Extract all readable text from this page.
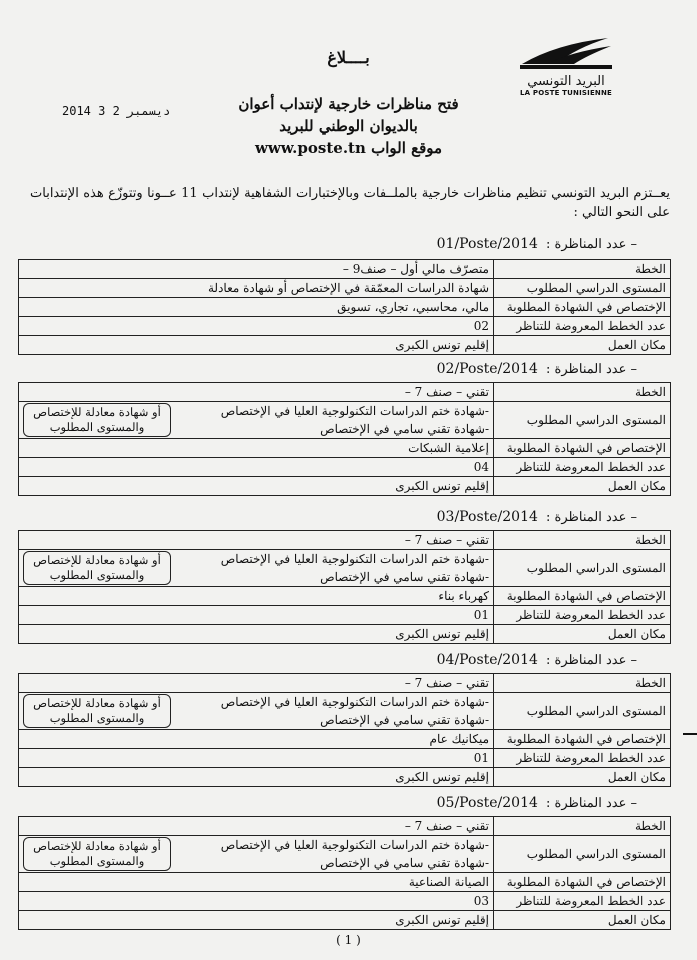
البريد التونسي
LA POSTE TUNISIENNE
بــــلاغ
فتح مناظرات خارجية لإنتداب أعوان
بالديوان الوطني للبريد
موقع الواب www.poste.tn
2014 ديسمبر 2 3
يعــتزم البريد التونسي تنظيم مناظرات خارجية بالملــفات وبالإختبارات الشفاهية لإنتداب 11 عــونا وتتوزّع هذه الإنتدابات على النحو التالي :
– عدد المناظرة : 01/Poste/2014
الخطة	متصرّف مالي أول – صنف9 –
المستوى الدراسي المطلوب	شهادة الدراسات المعمّقة في الإختصاص أو شهادة معادلة
الإختصاص في الشهادة المطلوبة	مالي، محاسبي، تجاري، تسويق
عدد الخطط المعروضة للتناظر	02
مكان العمل	إقليم تونس الكبرى
– عدد المناظرة : 02/Poste/2014
الخطة	تقني – صنف 7 –
المستوى الدراسي المطلوب	-شهادة ختم الدراسات التكنولوجية العليا في الإختصاص
-شهادة تقني سامي في الإختصاص
أو شهادة معادلة للإختصاص والمستوى المطلوب

الإختصاص في الشهادة المطلوبة	إعلامية الشبكات
عدد الخطط المعروضة للتناظر	04
مكان العمل	إقليم تونس الكبرى
– عدد المناظرة : 03/Poste/2014
الخطة	تقني – صنف 7 –
المستوى الدراسي المطلوب	-شهادة ختم الدراسات التكنولوجية العليا في الإختصاص
-شهادة تقني سامي في الإختصاص
أو شهادة معادلة للإختصاص والمستوى المطلوب

الإختصاص في الشهادة المطلوبة	كهرباء بناء
عدد الخطط المعروضة للتناظر	01
مكان العمل	إقليم تونس الكبرى
– عدد المناظرة : 04/Poste/2014
الخطة	تقني – صنف 7 –
المستوى الدراسي المطلوب	-شهادة ختم الدراسات التكنولوجية العليا في الإختصاص
-شهادة تقني سامي في الإختصاص
أو شهادة معادلة للإختصاص والمستوى المطلوب

الإختصاص في الشهادة المطلوبة	ميكانيك عام
عدد الخطط المعروضة للتناظر	01
مكان العمل	إقليم تونس الكبرى
– عدد المناظرة : 05/Poste/2014
الخطة	تقني – صنف 7 –
المستوى الدراسي المطلوب	-شهادة ختم الدراسات التكنولوجية العليا في الإختصاص
-شهادة تقني سامي في الإختصاص
أو شهادة معادلة للإختصاص والمستوى المطلوب

الإختصاص في الشهادة المطلوبة	الصيانة الصناعية
عدد الخطط المعروضة للتناظر	03
مكان العمل	إقليم تونس الكبرى
( 1 )
